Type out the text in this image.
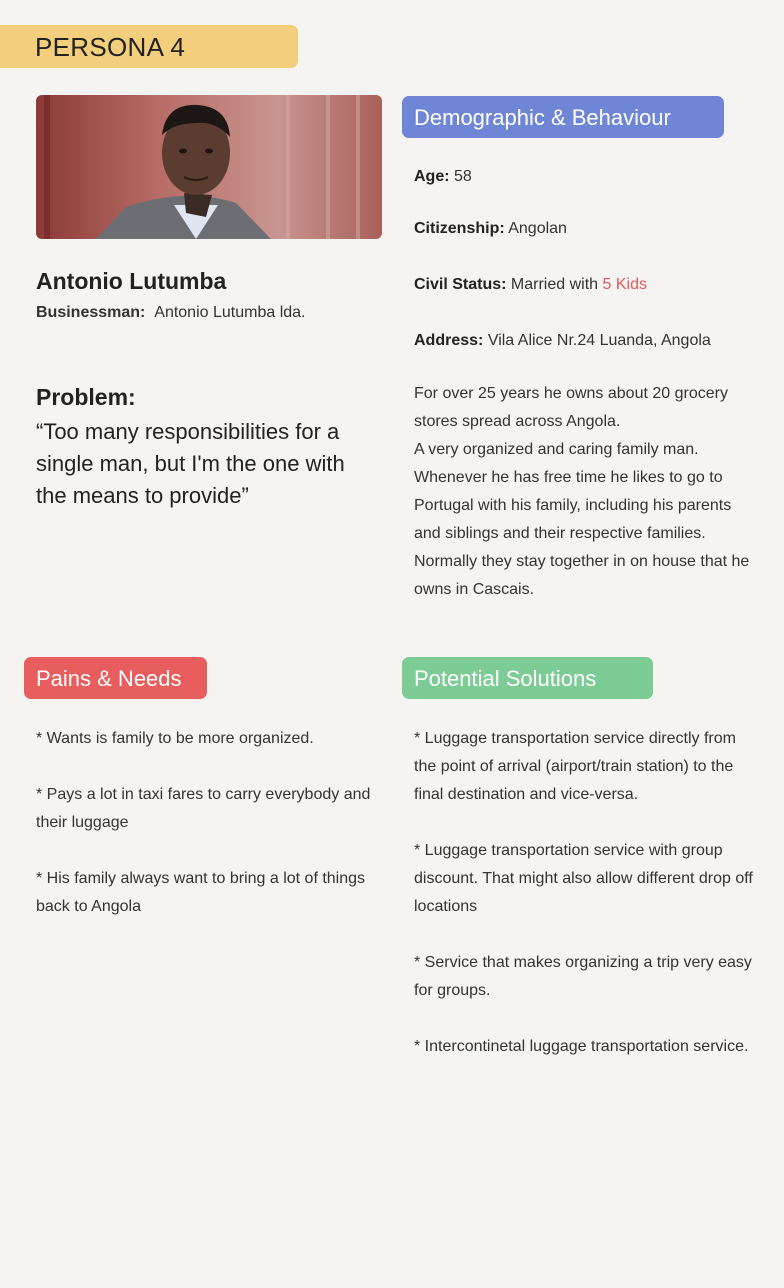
PERSONA 4
Antonio Lutumba
Businessman: Antonio Lutumba lda.
Problem:
“Too many responsibilities for a single man, but I'm the one with the means to provide”
Demographic & Behaviour
Age: 58
Citizenship: Angolan
Civil Status: Married with 5 Kids
Address: Vila Alice Nr.24 Luanda, Angola

For over 25 years he owns about 20 grocery stores spread across Angola.

A very organized and caring family man. Whenever he has free time he likes to go to Portugal with his family, including his parents and siblings and their respective families.

Normally they stay together in on house that he owns in Cascais.

Pains & Needs

* Wants is family to be more organized.

* Pays a lot in taxi fares to carry everybody and their luggage

* His family always want to bring a lot of things back to Angola

Potential Solutions

* Luggage transportation service directly from the point of arrival (airport/train station) to the final destination and vice-versa.

* Luggage transportation service with group discount. That might also allow different drop off locations

* Service that makes organizing a trip very easy for groups.

* Intercontinetal luggage transportation service.
